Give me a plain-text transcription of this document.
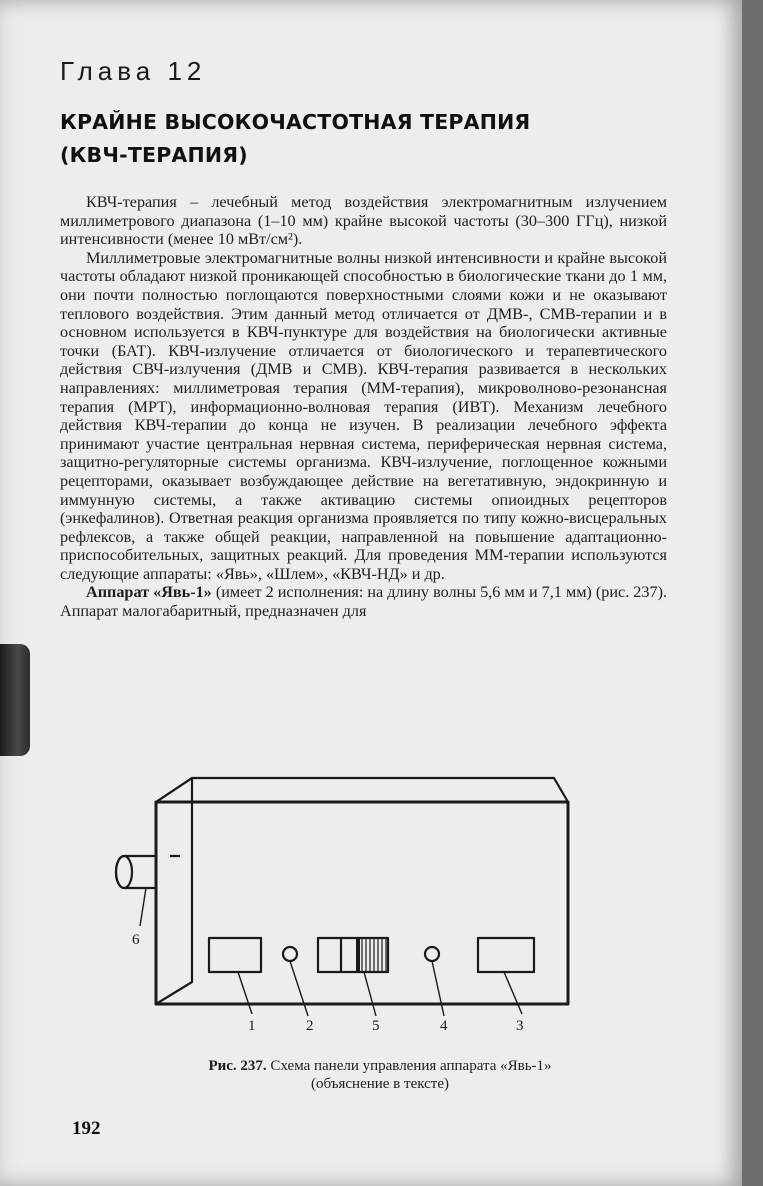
Глава 12
КРАЙНЕ ВЫСОКОЧАСТОТНАЯ ТЕРАПИЯ
(КВЧ-ТЕРАПИЯ)

КВЧ-терапия – лечебный метод воздействия электромагнитным излучением миллиметрового диапазона (1–10 мм) крайне высокой частоты (30–300 ГГц), низкой интенсивности (менее 10 мВт/см²).

Миллиметровые электромагнитные волны низкой интенсивности и крайне высокой частоты обладают низкой проникающей способностью в биологические ткани до 1 мм, они почти полностью поглощаются поверхностными слоями кожи и не оказывают теплового воздействия. Этим данный метод отличается от ДМВ-, СМВ-терапии и в основном используется в КВЧ-пунктуре для воздействия на биологически активные точки (БАТ). КВЧ-излучение отличается от биологического и терапевтического действия СВЧ-излучения (ДМВ и СМВ). КВЧ-терапия развивается в нескольких направлениях: миллиметровая терапия (ММ-терапия), микроволново-резонансная терапия (МРТ), информационно-волновая терапия (ИВТ). Механизм лечебного действия КВЧ-терапии до конца не изучен. В реализации лечебного эффекта принимают участие центральная нервная система, периферическая нервная система, защитно-регуляторные системы организма. КВЧ-излучение, поглощенное кожными рецепторами, оказывает возбуждающее действие на вегетативную, эндокринную и иммунную системы, а также активацию системы опиоидных рецепторов (энкефалинов). Ответная реакция организма проявляется по типу кожно-висцеральных рефлексов, а также общей реакции, направленной на повышение адаптационно-приспособительных, защитных реакций. Для проведения ММ-терапии используются следующие аппараты: «Явь», «Шлем», «КВЧ-НД» и др.

Аппарат «Явь-1» (имеет 2 исполнения: на длину волны 5,6 мм и 7,1 мм) (рис. 237). Аппарат малогабаритный, предназначен для

1	2	5	4	3
6
Рис. 237. Схема панели управления аппарата «Явь-1»
(объяснение в тексте)
192
